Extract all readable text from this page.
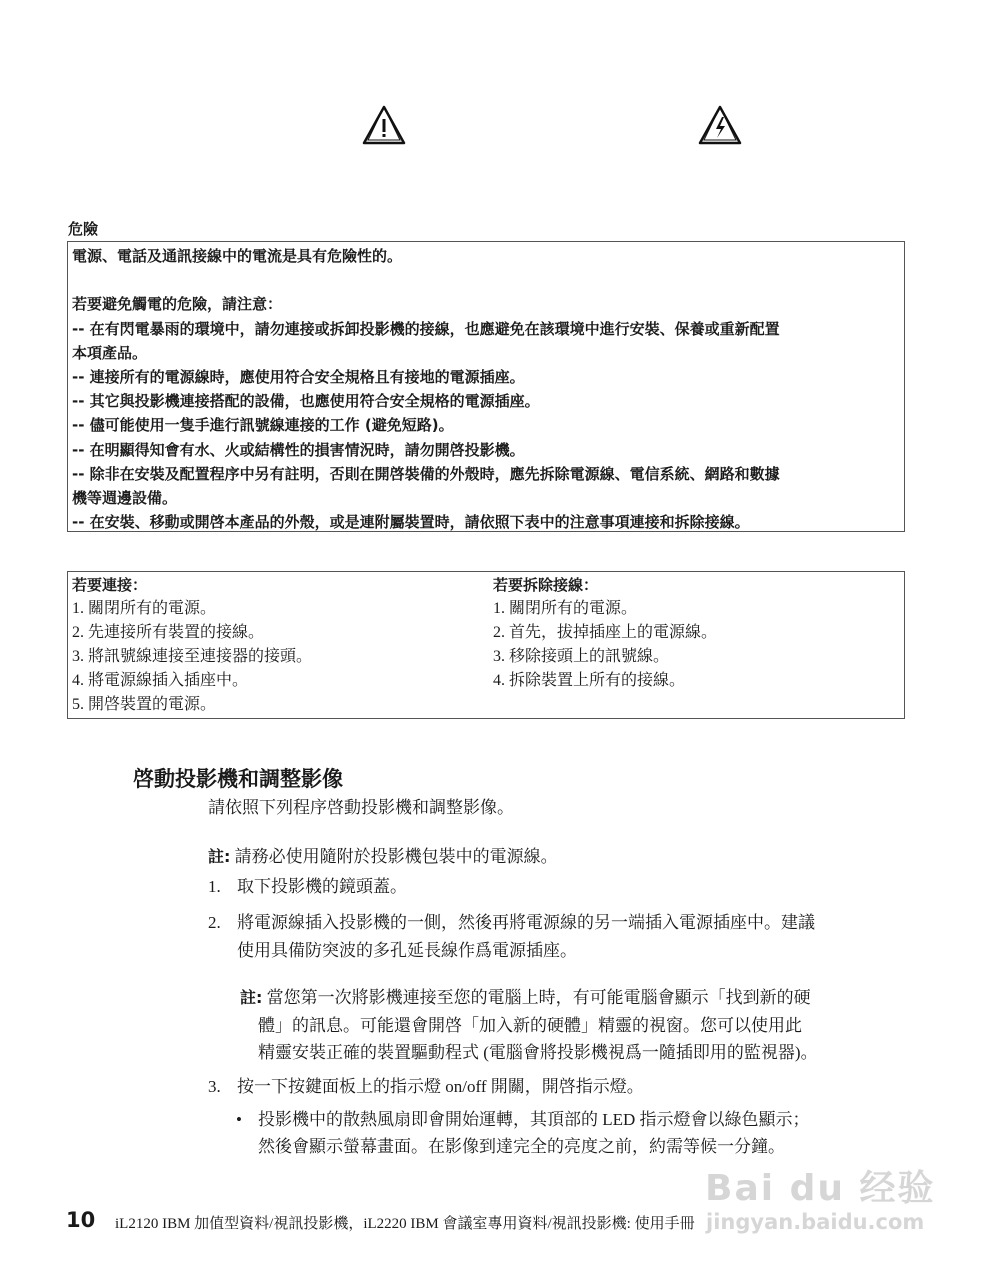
危險
電源、電話及通訊接線中的電流是具有危險性的。

若要避免觸電的危險，請注意：
-- 在有閃電暴雨的環境中，請勿連接或拆卸投影機的接線，也應避免在該環境中進行安裝、保養或重新配置
本項產品。
-- 連接所有的電源線時，應使用符合安全規格且有接地的電源插座。
-- 其它與投影機連接搭配的設備，也應使用符合安全規格的電源插座。
-- 儘可能使用一隻手進行訊號線連接的工作 (避免短路)。
-- 在明顯得知會有水、火或結構性的損害情況時，請勿開啓投影機。
-- 除非在安裝及配置程序中另有註明，否則在開啓裝備的外殼時，應先拆除電源線、電信系統、網路和數據
機等週邊設備。
-- 在安裝、移動或開啓本產品的外殼，或是連附屬裝置時，請依照下表中的注意事項連接和拆除接線。
若要連接：
1. 關閉所有的電源。
2. 先連接所有裝置的接線。
3. 將訊號線連接至連接器的接頭。
4. 將電源線插入插座中。
5. 開啓裝置的電源。
若要拆除接線：
1. 關閉所有的電源。
2. 首先，拔掉插座上的電源線。
3. 移除接頭上的訊號線。
4. 拆除裝置上所有的接線。
啓動投影機和調整影像
請依照下列程序啓動投影機和調整影像。
註: 請務必使用隨附於投影機包裝中的電源線。
1. 取下投影機的鏡頭蓋。
2. 將電源線插入投影機的一側，然後再將電源線的另一端插入電源插座中。建議
使用具備防突波的多孔延長線作爲電源插座。
註: 當您第一次將影機連接至您的電腦上時，有可能電腦會顯示「找到新的硬
體」的訊息。可能還會開啓「加入新的硬體」精靈的視窗。您可以使用此
精靈安裝正確的裝置驅動程式 (電腦會將投影機視爲一隨插即用的監視器)。
3. 按一下按鍵面板上的指示燈 on/off 開關，開啓指示燈。
• 投影機中的散熱風扇即會開始運轉，其頂部的 LED 指示燈會以綠色顯示；
然後會顯示螢幕畫面。在影像到達完全的亮度之前，約需等候一分鐘。
Bai du 经验
10 iL2120 IBM 加值型資料/視訊投影機，iL2220 IBM 會議室專用資料/視訊投影機: 使用手冊 jingyan.baidu.com
